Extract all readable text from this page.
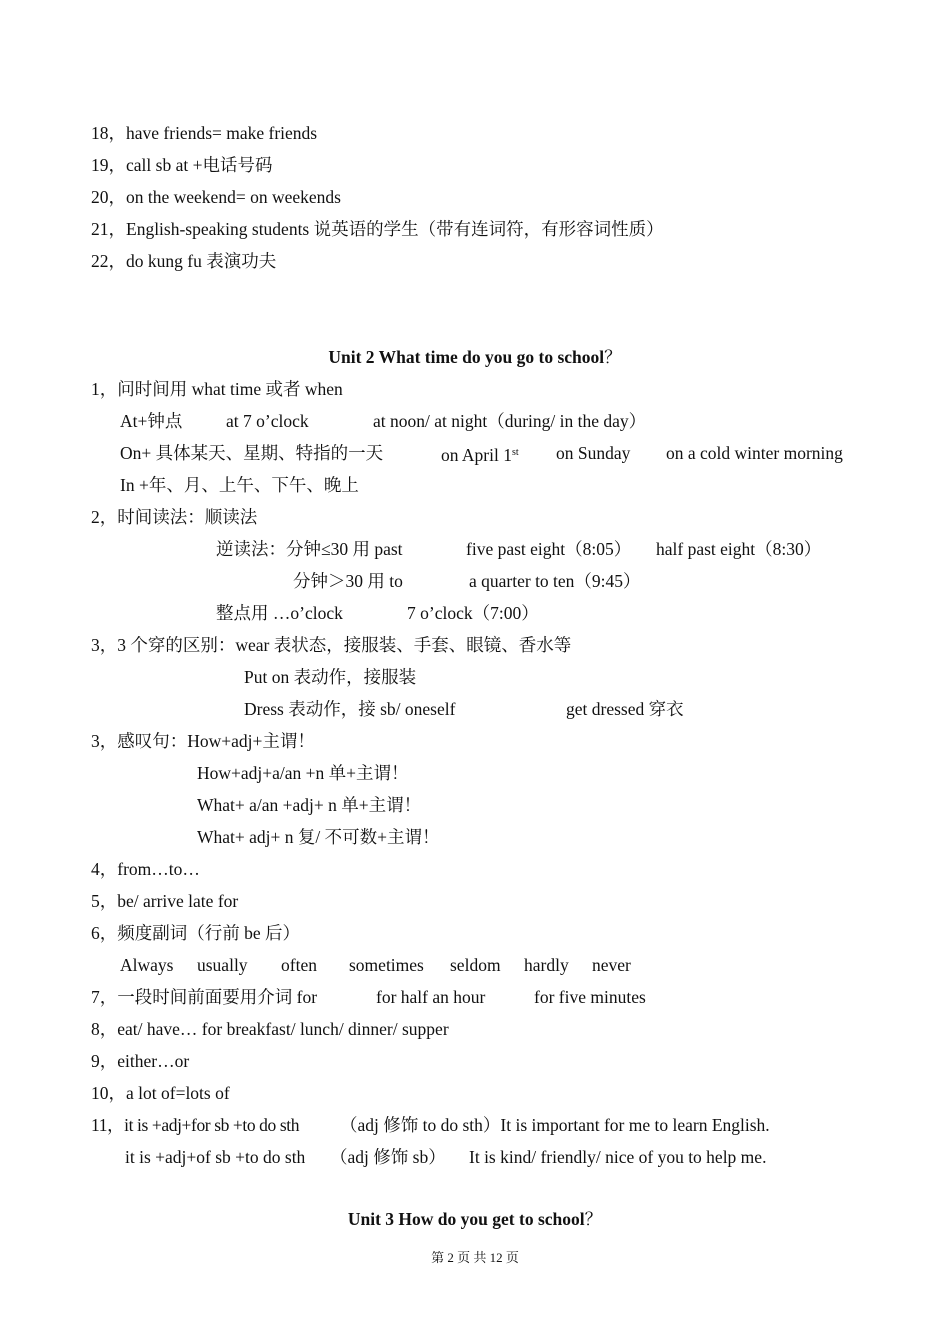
18，have friends= make friends
19，call sb at +电话号码
20，on the weekend= on weekends
21，English-speaking students 说英语的学生（带有连词符，有形容词性质）
22，do kung fu 表演功夫
Unit 2 What time do you go to school？
1，问时间用 what time 或者 when
At+钟点 at 7 o’clock	at noon/ at night（during/ in the day）
On+ 具体某天、星期、特指的一天	on April 1st on Sunday on a cold winter morning
In +年、月、上午、下午、晚上
2，时间读法：顺读法
逆读法：分钟≤30 用 past	five past eight（8:05） half past eight（8:30）
分钟＞30 用 to	a quarter to ten（9:45）
整点用 …o’clock	7 o’clock（7:00）
3，3 个穿的区别：wear 表状态，接服装、手套、眼镜、香水等
Put on 表动作，接服装
Dress 表动作，接 sb/ oneself	get dressed 穿衣
3，感叹句：How+adj+主谓！
How+adj+a/an +n 单+主谓！
What+ a/an +adj+ n 单+主谓！
What+ adj+ n 复/ 不可数+主谓！
4，from…to…
5，be/ arrive late for
6，频度副词（行前 be 后）
Always usually often sometimes seldom hardly never
7，一段时间前面要用介词 for	for half an hour	for five minutes
8，eat/ have… for breakfast/ lunch/ dinner/ supper
9，either…or
10，a lot of=lots of
11，it is +adj+for sb +to do sth （adj 修饰 to do sth）It is important for me to learn English.
it is +adj+of sb +to do sth （adj 修饰 sb） It is kind/ friendly/ nice of you to help me.
Unit 3 How do you get to school？
第 2 页 共 12 页
